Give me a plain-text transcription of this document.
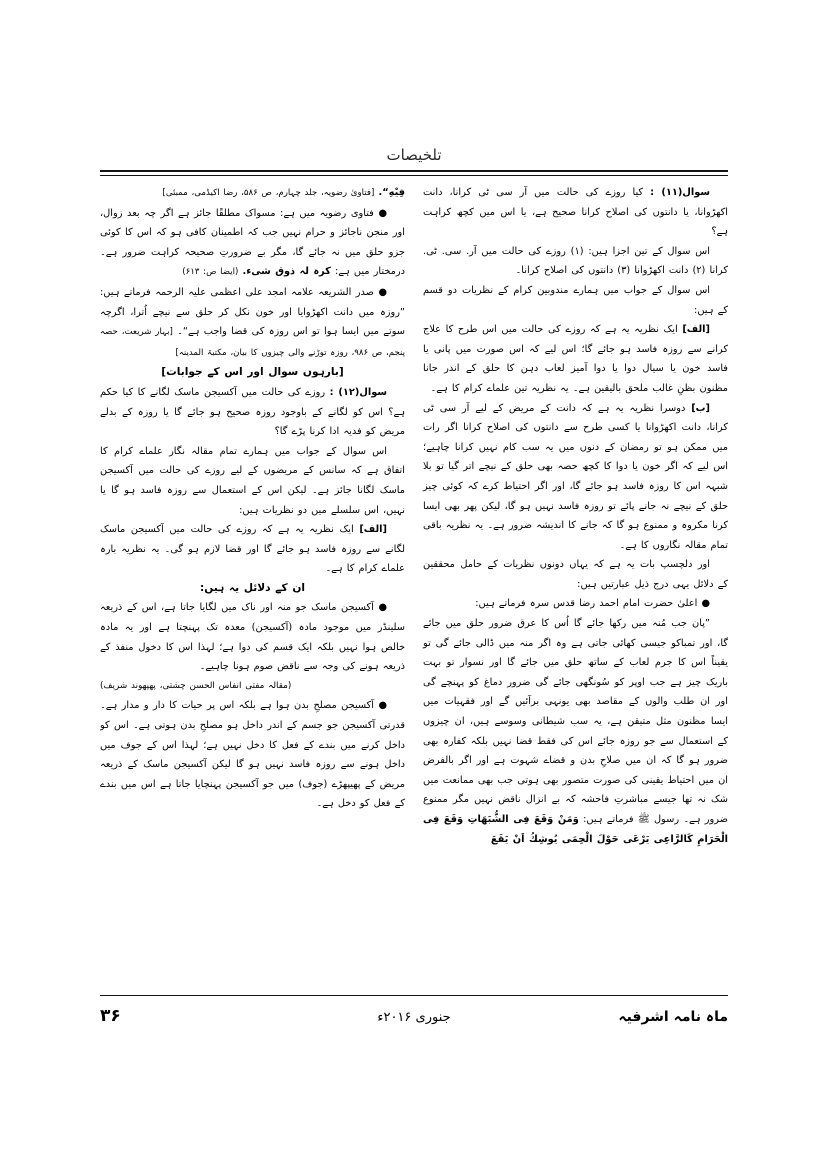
تلخیصات

سوال(۱۱) : کیا روزے کی حالت میں آر سی ٹی کرانا، دانت اکھڑوانا، یا دانتوں کی اصلاح کرانا صحیح ہے، یا اس میں کچھ کراہت ہے؟

اس سوال کے تین اجزا ہیں: (۱) روزے کی حالت میں آر. سی. ٹی. کرانا (۲) دانت اکھڑوانا (۳) دانتوں کی اصلاح کرانا۔

اس سوال کے جواب میں ہمارے مندوبین کرام کے نظریات دو قسم کے ہیں:

[الف] ایک نظریہ یہ ہے کہ روزے کی حالت میں اس طرح کا علاج کرانے سے روزہ فاسد ہو جائے گا؛ اس لیے کہ اس صورت میں پانی یا فاسد خون یا سیال دوا یا دوا آمیز لعاب دہن کا حلق کے اندر جانا مظنون بظنِ غالب ملحق بالیقین ہے۔ یہ نظریہ تین علماے کرام کا ہے۔

[ب] دوسرا نظریہ یہ ہے کہ دانت کے مریض کے لیے آر سی ٹی کرانا، دانت اکھڑوانا یا کسی طرح سے دانتوں کی اصلاح کرانا اگر رات میں ممکن ہو تو رمضان کے دنوں میں یہ سب کام نہیں کرانا چاہیے؛ اس لیے کہ اگر خون یا دوا کا کچھ حصہ بھی حلق کے نیچے اتر گیا تو بلا شبہہ اس کا روزہ فاسد ہو جائے گا، اور اگر احتیاط کرے کہ کوئی چیز حلق کے نیچے نہ جانے پائے تو روزہ فاسد نہیں ہو گا، لیکن پھر بھی ایسا کرنا مکروہ و ممنوع ہو گا کہ جانے کا اندیشہ ضرور ہے۔ یہ نظریہ باقی تمام مقالہ نگاروں کا ہے۔

اور دلچسپ بات یہ ہے کہ یہاں دونوں نظریات کے حامل محققین کے دلائل یہی درج ذیل عبارتیں ہیں:

● اعلیٰ حضرت امام احمد رضا قدس سرہ فرماتے ہیں:

”پان جب مُنہ میں رکھا جائے گا اُس کا عرق ضرور حلق میں جائے گا، اور تمباکو جیسی کھائی جاتی ہے وہ اگر منہ میں ڈالی جائے گی تو یقیناً اس کا جرم لعاب کے ساتھ حلق میں جائے گا اور نسوار تو بہت باریک چیز ہے جب اوپر کو سُونگھی جائے گی ضرور دماغ کو پہنچے گی اور ان طلب والوں کے مقاصد بھی یونہی برآئیں گے اور فقہیات میں ایسا مظنون مثل متیقن ہے، یہ سب شیطانی وسوسے ہیں، ان چیزوں کے استعمال سے جو روزہ جائے اس کی فقط قضا نہیں بلکہ کفارہ بھی ضرور ہو گا کہ ان میں صلاحِ بدن و قضاے شہوت ہے اور اگر بالفرض ان میں احتیاط یقینی کی صورت متصور بھی ہوتی جب بھی ممانعت میں شک نہ تھا جیسے مباشرتِ فاحشہ کہ بے انزال ناقض نہیں مگر ممنوع ضرور ہے۔ رسول ﷺ فرماتے ہیں: وَمَنْ وَقَعَ فِی الشُّبَهَاتِ وَقَعَ فِی الْحَرَامِ كَالرَّاعِی یَرْعَی حَوْلَ الْحِمَی یُوشِكُ اَنْ یَقَعَ

فِیْهِ“. [فتاویٰ رضویہ، جلد چہارم، ص ۵۸۶، رضا اکیڈمی، ممبئی]

● فتاوی رضویہ میں ہے: مسواک مطلقًا جائز ہے اگر چہ بعد زوال، اور منجن ناجائز و حرام نہیں جب کہ اطمینان کافی ہو کہ اس کا کوئی جزو حلق میں نہ جائے گا، مگر بے ضرورتِ صحیحہ کراہت ضرور ہے۔ درمختار میں ہے: کرہ لہ ذوق شیء. (ایضا ص: ۶۱۳)

● صدر الشریعہ علامہ امجد علی اعظمی علیہ الرحمہ فرماتے ہیں: ”روزہ میں دانت اکھڑوایا اور خون نکل کر حلق سے نیچے اُترا، اگرچہ سوتے میں ایسا ہوا تو اس روزہ کی قضا واجب ہے“۔ [بہار شریعت، حصہ پنجم، ص ۹۸۶، روزہ توڑنے والی چیزوں کا بیان، مکتبۃ المدینہ]

[بارہوں سوال اور اس کے جوابات]

سوال(۱۲) : روزے کی حالت میں آکسیجن ماسک لگانے کا کیا حکم ہے؟ اس کو لگانے کے باوجود روزہ صحیح ہو جائے گا یا روزہ کے بدلے مریض کو فدیہ ادا کرنا پڑے گا؟

اس سوال کے جواب میں ہمارے تمام مقالہ نگار علماے کرام کا اتفاق ہے کہ سانس کے مریضوں کے لیے روزے کی حالت میں آکسیجن ماسک لگانا جائز ہے۔ لیکن اس کے استعمال سے روزہ فاسد ہو گا یا نہیں، اس سلسلے میں دو نظریات ہیں:

[الف] ایک نظریہ یہ ہے کہ روزے کی حالت میں آکسیجن ماسک لگانے سے روزہ فاسد ہو جائے گا اور قضا لازم ہو گی۔ یہ نظریہ بارہ علماے کرام کا ہے۔

ان کے دلائل یہ ہیں:

● آکسیجن ماسک جو منہ اور ناک میں لگایا جاتا ہے، اس کے ذریعہ سلینڈر میں موجود مادہ (آکسیجن) معدہ تک پہنچتا ہے اور یہ مادہ خالص ہوا نہیں بلکہ ایک قسم کی دوا ہے؛ لہذا اس کا دخول منفذ کے ذریعہ ہونے کی وجہ سے ناقض صوم ہونا چاہیے۔

(مقالہ مفتی انفاس الحسن چشتی، پھپھوند شریف)

● آکسیجن مصلحِ بدن ہوا ہے بلکہ اس پر حیات کا دار و مدار ہے۔ قدرتی آکسیجن جو جسم کے اندر داخل ہو مصلحِ بدن ہوتی ہے۔ اس کو داخل کرنے میں بندے کے فعل کا دخل نہیں ہے؛ لہذا اس کے جوف میں داخل ہونے سے روزہ فاسد نہیں ہو گا لیکن آکسیجن ماسک کے ذریعہ مریض کے پھیپھڑے (جوف) میں جو آکسیجن پہنچایا جاتا ہے اس میں بندے کے فعل کو دخل ہے۔

ماہ نامہ اشرفیہ
جنوری ۲۰۱۶ء
۳۶
